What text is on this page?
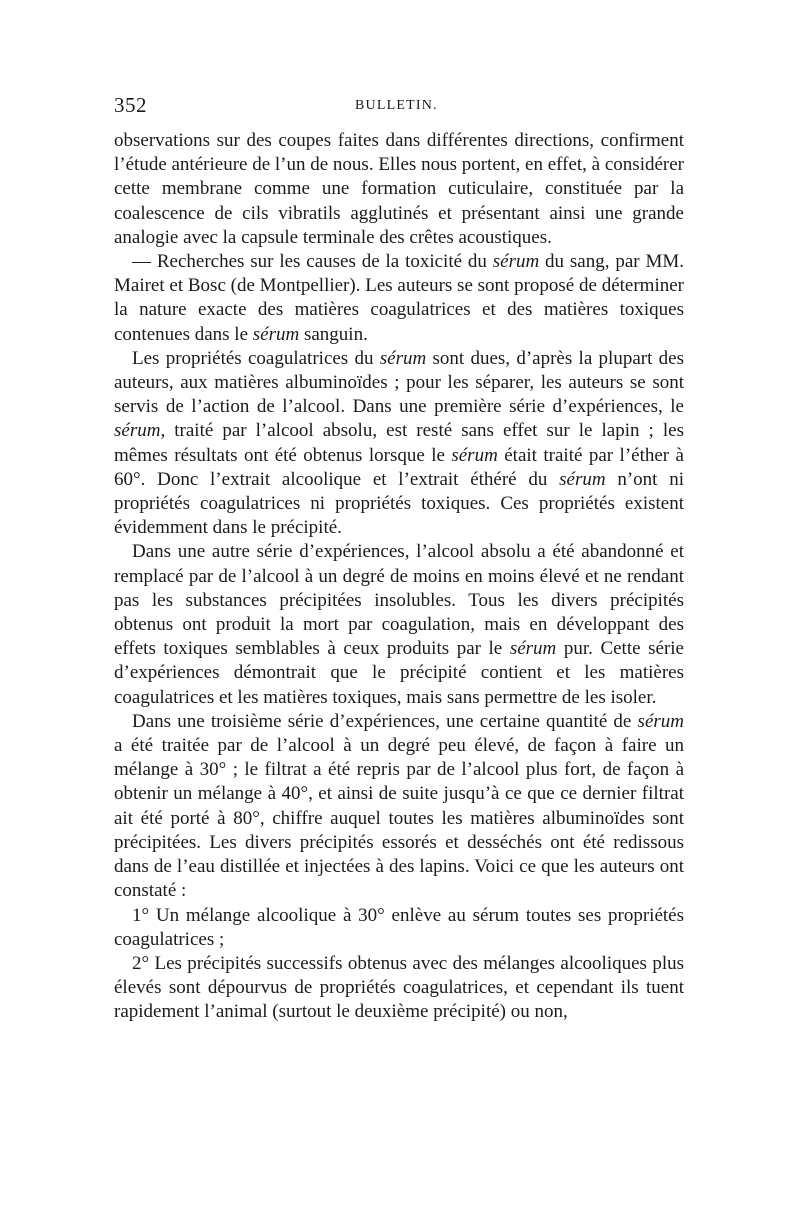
352	BULLETIN.

observations sur des coupes faites dans différentes directions, confirment l’étude antérieure de l’un de nous. Elles nous portent, en effet, à considérer cette membrane comme une formation cuticulaire, constituée par la coalescence de cils vibratils agglutinés et présentant ainsi une grande analogie avec la capsule terminale des crêtes acoustiques.

— Recherches sur les causes de la toxicité du sérum du sang, par MM. Mairet et Bosc (de Montpellier). Les auteurs se sont proposé de déterminer la nature exacte des matières coagulatrices et des matières toxiques contenues dans le sérum sanguin.

Les propriétés coagulatrices du sérum sont dues, d’après la plupart des auteurs, aux matières albuminoïdes ; pour les séparer, les auteurs se sont servis de l’action de l’alcool. Dans une première série d’expériences, le sérum, traité par l’alcool absolu, est resté sans effet sur le lapin ; les mêmes résultats ont été obtenus lorsque le sérum était traité par l’éther à 60°. Donc l’extrait alcoolique et l’extrait éthéré du sérum n’ont ni propriétés coagulatrices ni propriétés toxiques. Ces propriétés existent évidemment dans le précipité.

Dans une autre série d’expériences, l’alcool absolu a été abandonné et remplacé par de l’alcool à un degré de moins en moins élevé et ne rendant pas les substances précipitées insolubles. Tous les divers précipités obtenus ont produit la mort par coagulation, mais en développant des effets toxiques semblables à ceux produits par le sérum pur. Cette série d’expériences démontrait que le précipité contient et les matières coagulatrices et les matières toxiques, mais sans permettre de les isoler.

Dans une troisième série d’expériences, une certaine quantité de sérum a été traitée par de l’alcool à un degré peu élevé, de façon à faire un mélange à 30° ; le filtrat a été repris par de l’alcool plus fort, de façon à obtenir un mélange à 40°, et ainsi de suite jusqu’à ce que ce dernier filtrat ait été porté à 80°, chiffre auquel toutes les matières albuminoïdes sont précipitées. Les divers précipités essorés et desséchés ont été redissous dans de l’eau distillée et injectées à des lapins. Voici ce que les auteurs ont constaté :

1° Un mélange alcoolique à 30° enlève au sérum toutes ses propriétés coagulatrices ;

2° Les précipités successifs obtenus avec des mélanges alcooliques plus élevés sont dépourvus de propriétés coagulatrices, et cependant ils tuent rapidement l’animal (surtout le deuxième précipité) ou non,
